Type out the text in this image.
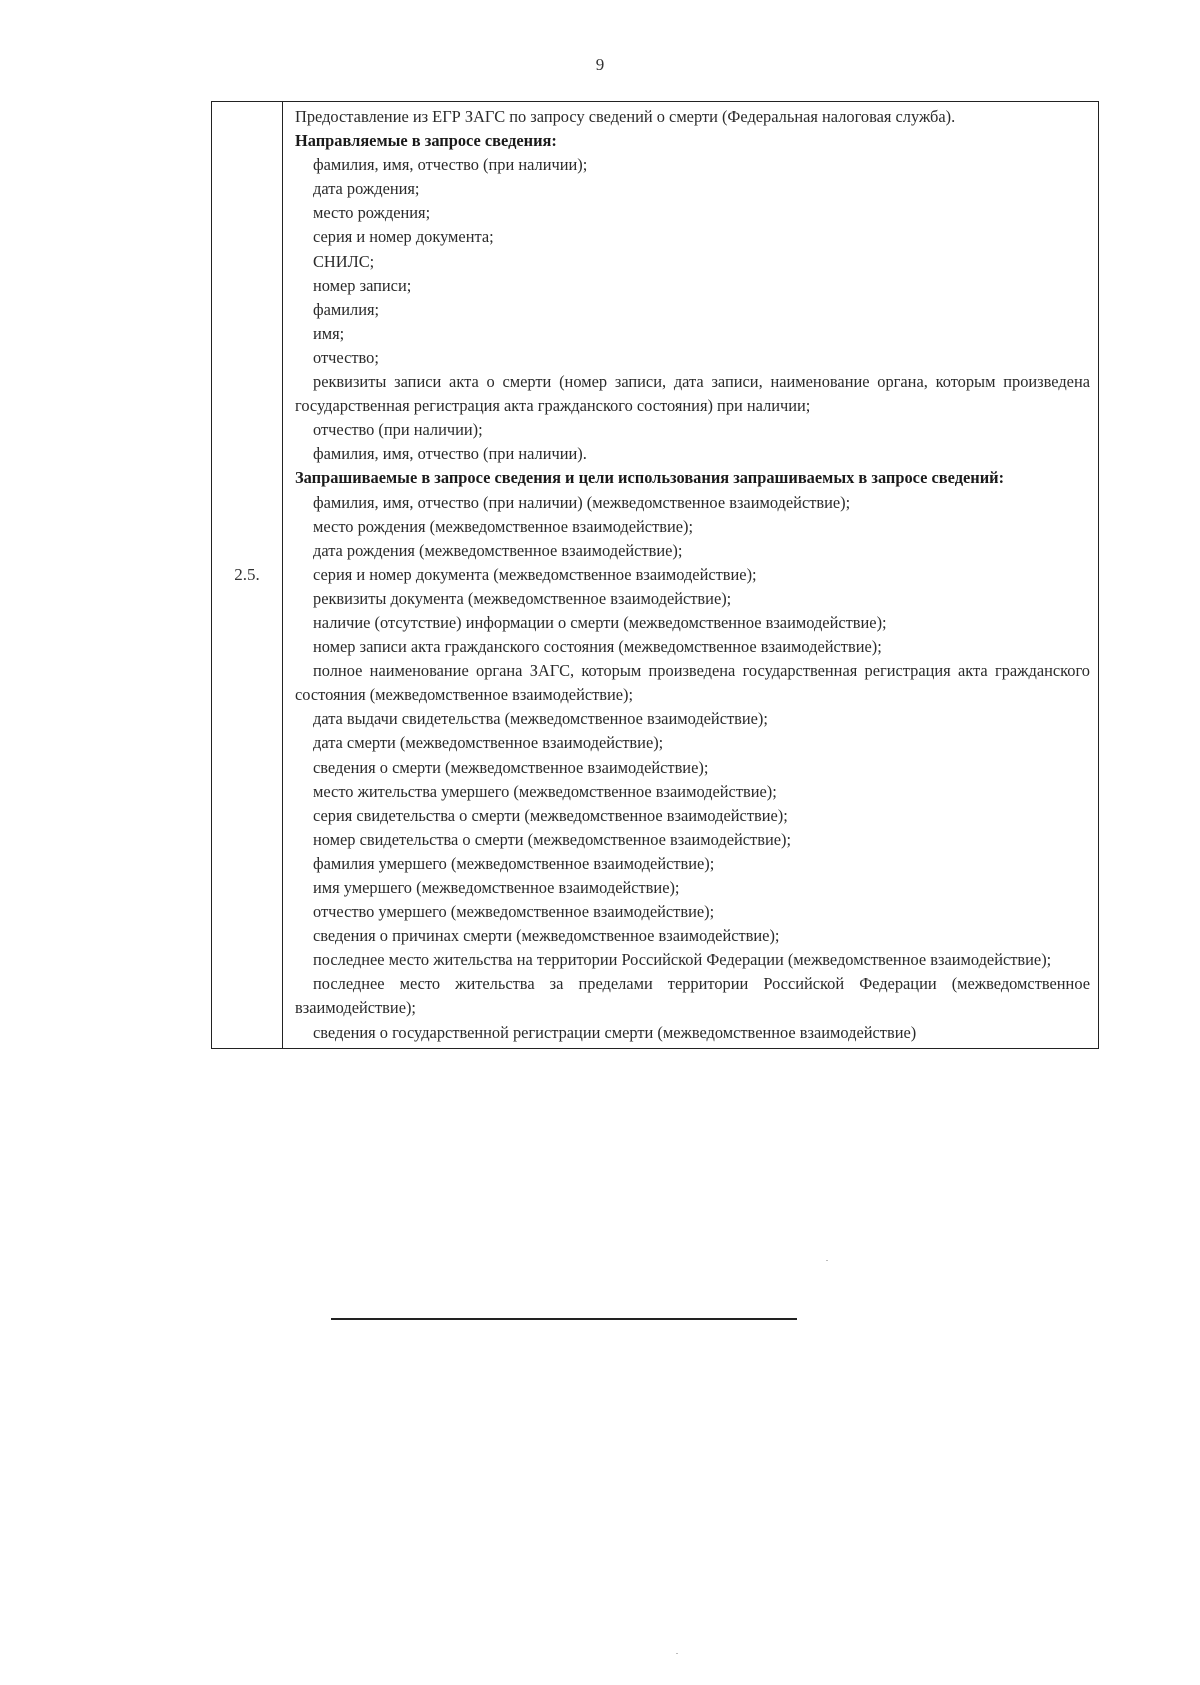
9
2.5.
Предоставление из ЕГР ЗАГС по запросу сведений о смерти (Федеральная налоговая служба).
Направляемые в запросе сведения:
фамилия, имя, отчество (при наличии);
дата рождения;
место рождения;
серия и номер документа;
СНИЛС;
номер записи;
фамилия;
имя;
отчество;
реквизиты записи акта о смерти (номер записи, дата записи, наименование органа, которым произведена государственная регистрация акта гражданского состояния) при наличии;
отчество (при наличии);
фамилия, имя, отчество (при наличии).
Запрашиваемые в запросе сведения и цели использования запрашиваемых в запросе сведений:
фамилия, имя, отчество (при наличии) (межведомственное взаимодействие);
место рождения (межведомственное взаимодействие);
дата рождения (межведомственное взаимодействие);
серия и номер документа (межведомственное взаимодействие);
реквизиты документа (межведомственное взаимодействие);
наличие (отсутствие) информации о смерти (межведомственное взаимодействие);
номер записи акта гражданского состояния (межведомственное взаимодействие);
полное наименование органа ЗАГС, которым произведена государственная регистрация акта гражданского состояния (межведомственное взаимодействие);
дата выдачи свидетельства (межведомственное взаимодействие);
дата смерти (межведомственное взаимодействие);
сведения о смерти (межведомственное взаимодействие);
место жительства умершего (межведомственное взаимодействие);
серия свидетельства о смерти (межведомственное взаимодействие);
номер свидетельства о смерти (межведомственное взаимодействие);
фамилия умершего (межведомственное взаимодействие);
имя умершего (межведомственное взаимодействие);
отчество умершего (межведомственное взаимодействие);
сведения о причинах смерти (межведомственное взаимодействие);
последнее место жительства на территории Российской Федерации (межведомственное взаимодействие);
последнее место жительства за пределами территории Российской Федерации (межведомственное взаимодействие);
сведения о государственной регистрации смерти (межведомственное взаимодействие)
